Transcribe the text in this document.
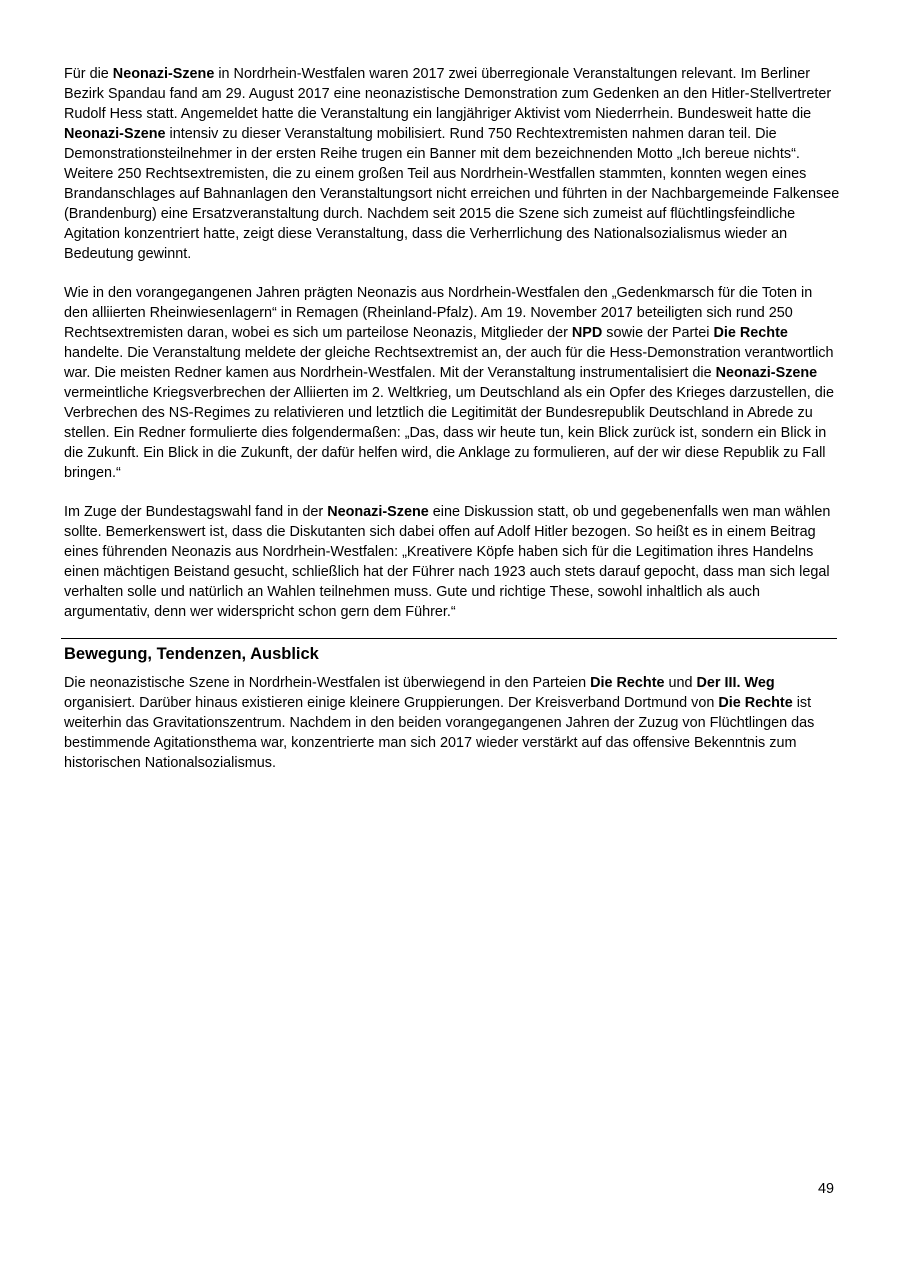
Für die Neonazi-Szene in Nordrhein-Westfalen waren 2017 zwei überregionale Veranstaltungen relevant. Im Berliner Bezirk Spandau fand am 29. August 2017 eine neonazistische Demonstration zum Gedenken an den Hitler-Stellvertreter Rudolf Hess statt. Angemeldet hatte die Veranstaltung ein langjähriger Aktivist vom Niederrhein. Bundesweit hatte die Neonazi-Szene intensiv zu dieser Veranstaltung mobilisiert. Rund 750 Rechtextremisten nahmen daran teil. Die Demonstrationsteilnehmer in der ersten Reihe trugen ein Banner mit dem bezeichnenden Motto „Ich bereue nichts“. Weitere 250 Rechtsextremisten, die zu einem großen Teil aus Nordrhein-Westfallen stammten, konnten wegen eines Brandanschlages auf Bahnanlagen den Veranstaltungsort nicht erreichen und führten in der Nachbargemeinde Falkensee (Brandenburg) eine Ersatzveranstaltung durch. Nachdem seit 2015 die Szene sich zumeist auf flüchtlingsfeindliche Agitation konzentriert hatte, zeigt diese Veranstaltung, dass die Verherrlichung des Nationalsozialismus wieder an Bedeutung gewinnt.

Wie in den vorangegangenen Jahren prägten Neonazis aus Nordrhein-Westfalen den „Gedenkmarsch für die Toten in den alliierten Rheinwiesenlagern“ in Remagen (Rheinland-Pfalz). Am 19. November 2017 beteiligten sich rund 250 Rechtsextremisten daran, wobei es sich um parteilose Neonazis, Mitglieder der NPD sowie der Partei Die Rechte handelte. Die Veranstaltung meldete der gleiche Rechtsextremist an, der auch für die Hess-Demonstration verantwortlich war. Die meisten Redner kamen aus Nordrhein-Westfalen. Mit der Veranstaltung instrumentalisiert die Neonazi-Szene vermeintliche Kriegsverbrechen der Alliierten im 2. Weltkrieg, um Deutschland als ein Opfer des Krieges darzustellen, die Verbrechen des NS-Regimes zu relativieren und letztlich die Legitimität der Bundesrepublik Deutschland in Abrede zu stellen. Ein Redner formulierte dies folgendermaßen: „Das, dass wir heute tun, kein Blick zurück ist, sondern ein Blick in die Zukunft. Ein Blick in die Zukunft, der dafür helfen wird, die Anklage zu formulieren, auf der wir diese Republik zu Fall bringen.“

Im Zuge der Bundestagswahl fand in der Neonazi-Szene eine Diskussion statt, ob und gegebenenfalls wen man wählen sollte. Bemerkenswert ist, dass die Diskutanten sich dabei offen auf Adolf Hitler bezogen. So heißt es in einem Beitrag eines führenden Neonazis aus Nordrhein-Westfalen: „Kreativere Köpfe haben sich für die Legitimation ihres Handelns einen mächtigen Beistand gesucht, schließlich hat der Führer nach 1923 auch stets darauf gepocht, dass man sich legal verhalten solle und natürlich an Wahlen teilnehmen muss. Gute und richtige These, sowohl inhaltlich als auch argumentativ, denn wer widerspricht schon gern dem Führer.“

Bewegung, Tendenzen, Ausblick

Die neonazistische Szene in Nordrhein-Westfalen ist überwiegend in den Parteien Die Rechte und Der III. Weg organisiert. Darüber hinaus existieren einige kleinere Gruppierungen. Der Kreisverband Dortmund von Die Rechte ist weiterhin das Gravitationszentrum. Nachdem in den beiden vorangegangenen Jahren der Zuzug von Flüchtlingen das bestimmende Agitationsthema war, konzentrierte man sich 2017 wieder verstärkt auf das offensive Bekenntnis zum historischen Nationalsozialismus.

49
